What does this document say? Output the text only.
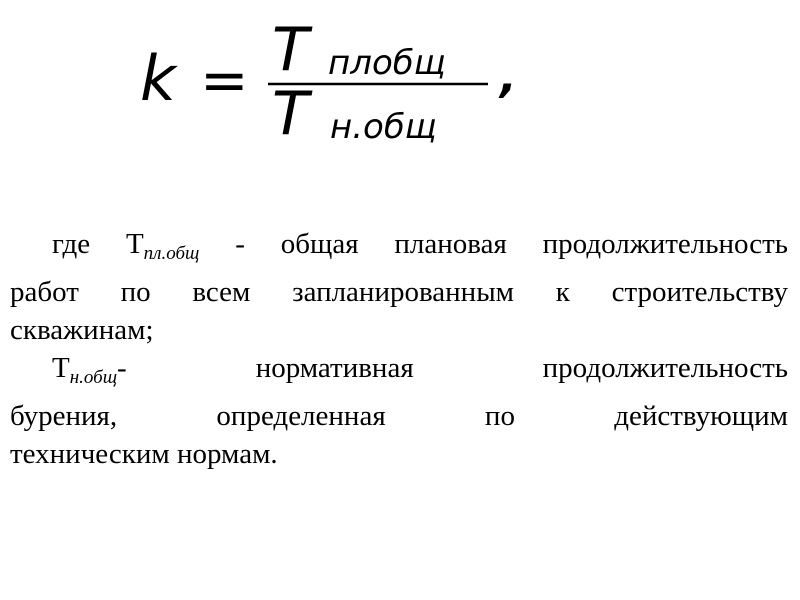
k = T плобщ
T н.общ
,
где $Т_{пл.общ}$ - общая плановая продолжительность
работ по всем запланированным к строительству
скважинам;
$Т_{н.общ}-$	нормативная	продолжительность
бурения, определенная по действующим
техническим нормам.
